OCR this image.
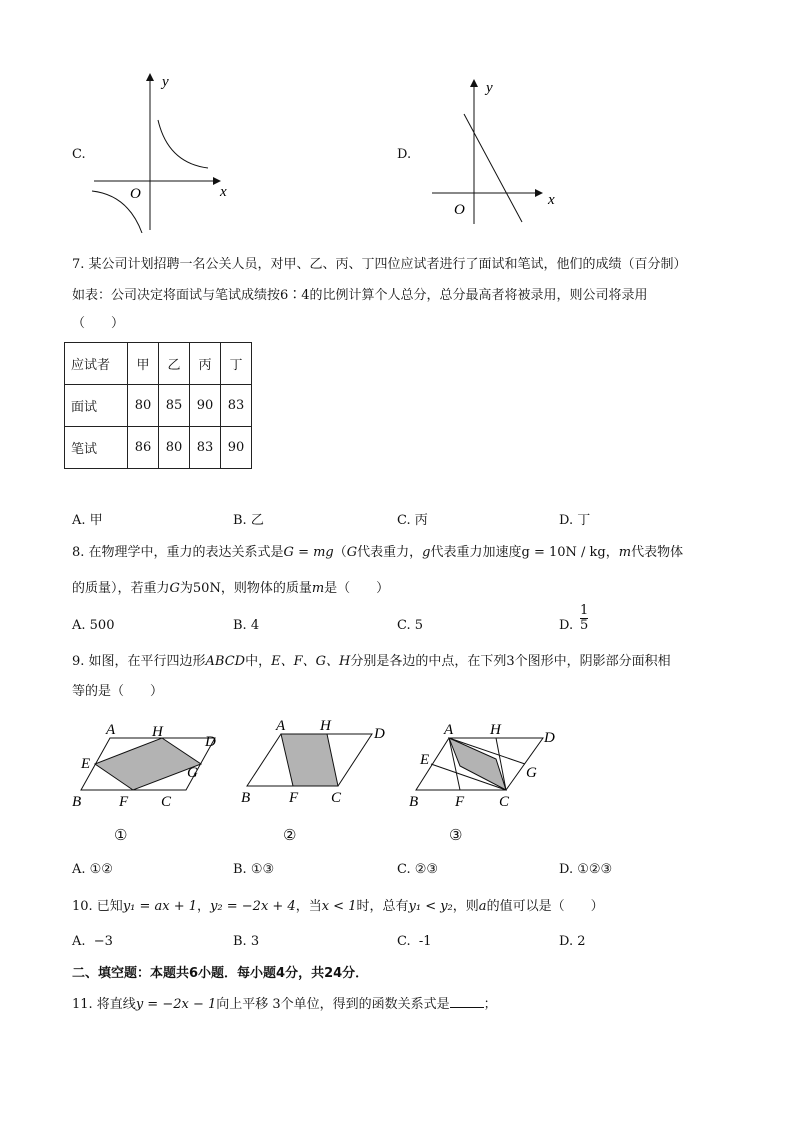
C.
y
x
O
D.
y
x
O
7. 某公司计划招聘一名公关人员，对甲、乙、丙、丁四位应试者进行了面试和笔试，他们的成绩（百分制）
如表：公司决定将面试与笔试成绩按6∶4的比例计算个人总分，总分最高者将被录用，则公司将录用
（　　）
应试者	甲	乙	丙	丁
面试	80	85	90	83
笔试	86	80	83	90
A. 甲	B. 乙	C. 丙	D. 丁
8. 在物理学中，重力的表达关系式是G = mg（G代表重力，g代表重力加速度g = 10N / kg，m代表物体
的质量），若重力G为50N，则物体的质量m是（　　）
A. 500	B. 4	C. 5	D. $\frac{1}{5}$
9. 如图，在平行四边形ABCD中，E、F、G、H分别是各边的中点，在下列3个图形中，阴影部分面积相
等的是（　　）
A H
D
E
G
B	F C
①
A H	D
B	F C
②
A H	D
E
G
B F C
③
A. ①②	B. ①③	C. ②③	D. ①②③
10. 已知y₁ = ax + 1，y₂ = −2x + 4，当x < 1时，总有y₁ < y₂，则a的值可以是（　　）
A.  −3	B. 3	C.  -1	D. 2
二、填空题：本题共6小题．每小题4分，共24分．
11. 将直线y = −2x − 1向上平移 3个单位，得到的函数关系式是	；
